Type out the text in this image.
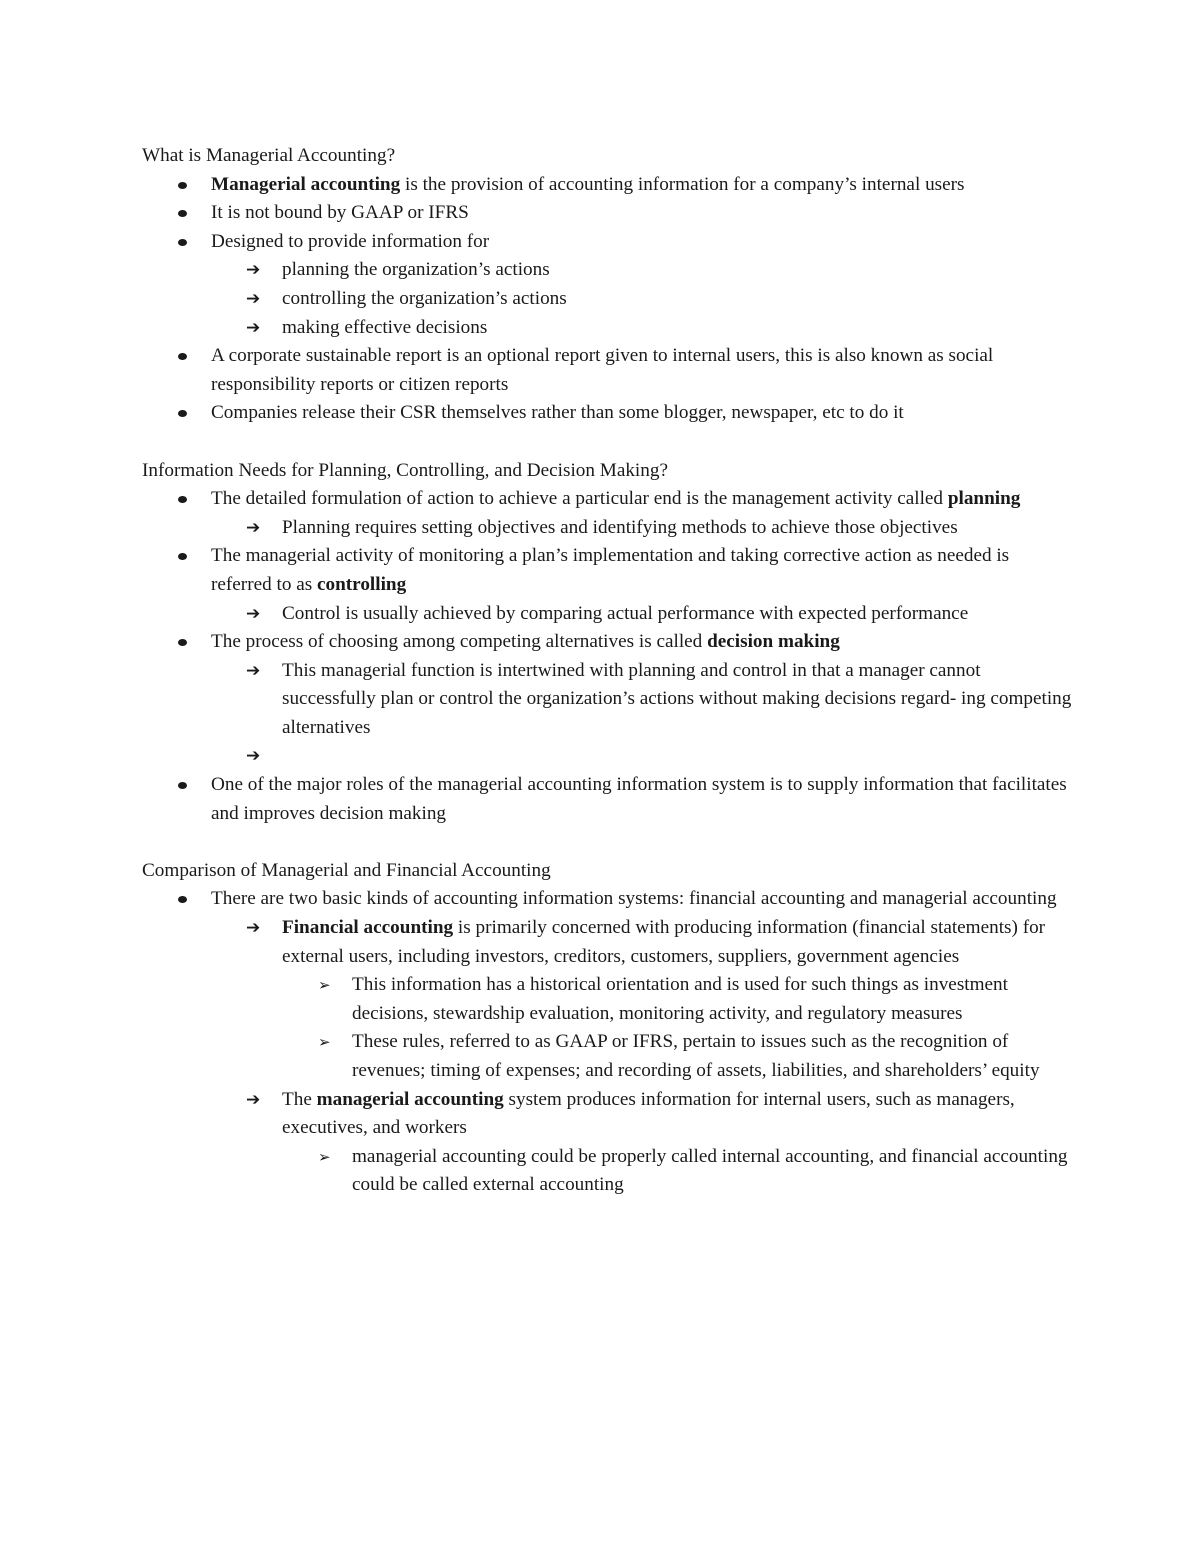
What is Managerial Accounting?

Managerial accounting is the provision of accounting information for a company’s internal users
It is not bound by GAAP or IFRS
Designed to provide information for
➔ planning the organization’s actions
➔ controlling the organization’s actions
➔ making effective decisions
A corporate sustainable report is an optional report given to internal users, this is also known as social responsibility reports or citizen reports
Companies release their CSR themselves rather than some blogger, newspaper, etc to do it

Information Needs for Planning, Controlling, and Decision Making?

The detailed formulation of action to achieve a particular end is the management activity called planning
➔ Planning requires setting objectives and identifying methods to achieve those objectives
The managerial activity of monitoring a plan’s implementation and taking corrective action as needed is referred to as controlling
➔ Control is usually achieved by comparing actual performance with expected performance
The process of choosing among competing alternatives is called decision making
➔ This managerial function is intertwined with planning and control in that a manager cannot successfully plan or control the organization’s actions without making decisions regard- ing competing alternatives
➔
One of the major roles of the managerial accounting information system is to supply information that facilitates and improves decision making

Comparison of Managerial and Financial Accounting

There are two basic kinds of accounting information systems: financial accounting and managerial accounting
➔ Financial accounting is primarily concerned with producing information (financial statements) for external users, including investors, creditors, customers, suppliers, government agencies
➢ This information has a historical orientation and is used for such things as investment decisions, stewardship evaluation, monitoring activity, and regulatory measures
➢ These rules, referred to as GAAP or IFRS, pertain to issues such as the recognition of revenues; timing of expenses; and recording of assets, liabilities, and shareholders’ equity
➔ The managerial accounting system produces information for internal users, such as managers, executives, and workers
➢ managerial accounting could be properly called internal accounting, and financial accounting could be called external accounting
